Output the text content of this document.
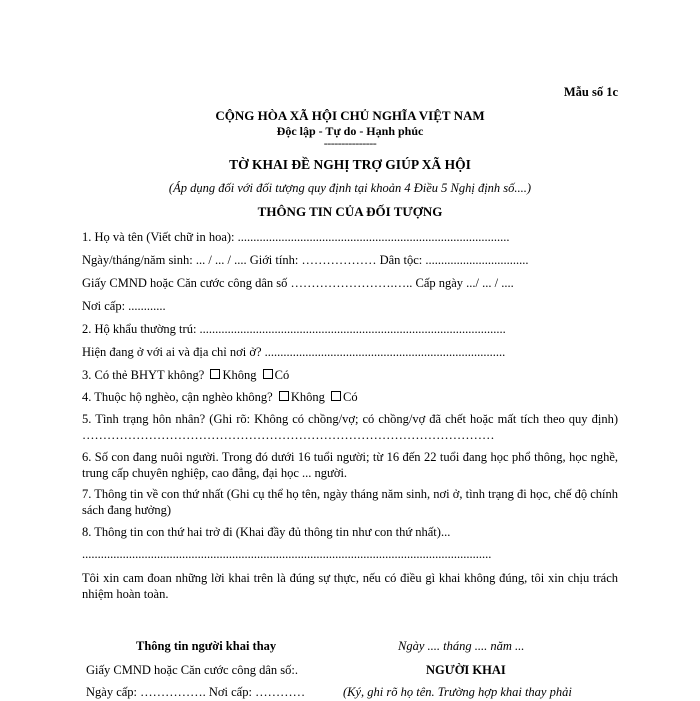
Mẫu số 1c
CỘNG HÒA XÃ HỘI CHỦ NGHĨA VIỆT NAM
Độc lập - Tự do - Hạnh phúc
---------------
TỜ KHAI ĐỀ NGHỊ TRỢ GIÚP XÃ HỘI
(Áp dụng đối với đối tượng quy định tại khoản 4 Điều 5 Nghị định số....)
THÔNG TIN CỦA ĐỐI TƯỢNG
1. Họ và tên (Viết chữ in hoa): .......................................................................................
Ngày/tháng/năm sinh: ... / ... / .... Giới tính: ……………… Dân tộc: .................................
Giấy CMND hoặc Căn cước công dân số …………………….….. Cấp ngày .../ ... / ....
Nơi cấp: ............
2. Hộ khẩu thường trú: ..................................................................................................
Hiện đang ở với ai và địa chỉ nơi ở? .............................................................................
3. Có thẻ BHYT không? Không Có
4. Thuộc hộ nghèo, cận nghèo không? Không Có
5. Tình trạng hôn nhân? (Ghi rõ: Không có chồng/vợ; có chồng/vợ đã chết hoặc mất tích theo quy định) ………………………………………………………………………………………
6. Số con đang nuôi người. Trong đó dưới 16 tuổi người; từ 16 đến 22 tuổi đang học phổ thông, học nghề, trung cấp chuyên nghiệp, cao đẳng, đại học ... người.
7. Thông tin về con thứ nhất (Ghi cụ thể họ tên, ngày tháng năm sinh, nơi ở, tình trạng đi học, chế độ chính sách đang hưởng)
8. Thông tin con thứ hai trở đi (Khai đầy đủ thông tin như con thứ nhất)...
...................................................................................................................................
Tôi xin cam đoan những lời khai trên là đúng sự thực, nếu có điều gì khai không đúng, tôi xin chịu trách nhiệm hoàn toàn.
Thông tin người khai thay	Ngày .... tháng .... năm ...
Giấy CMND hoặc Căn cước công dân số:.	NGƯỜI KHAI
Ngày cấp: ……………. Nơi cấp: …………	(Ký, ghi rõ họ tên. Trường hợp khai thay phải
